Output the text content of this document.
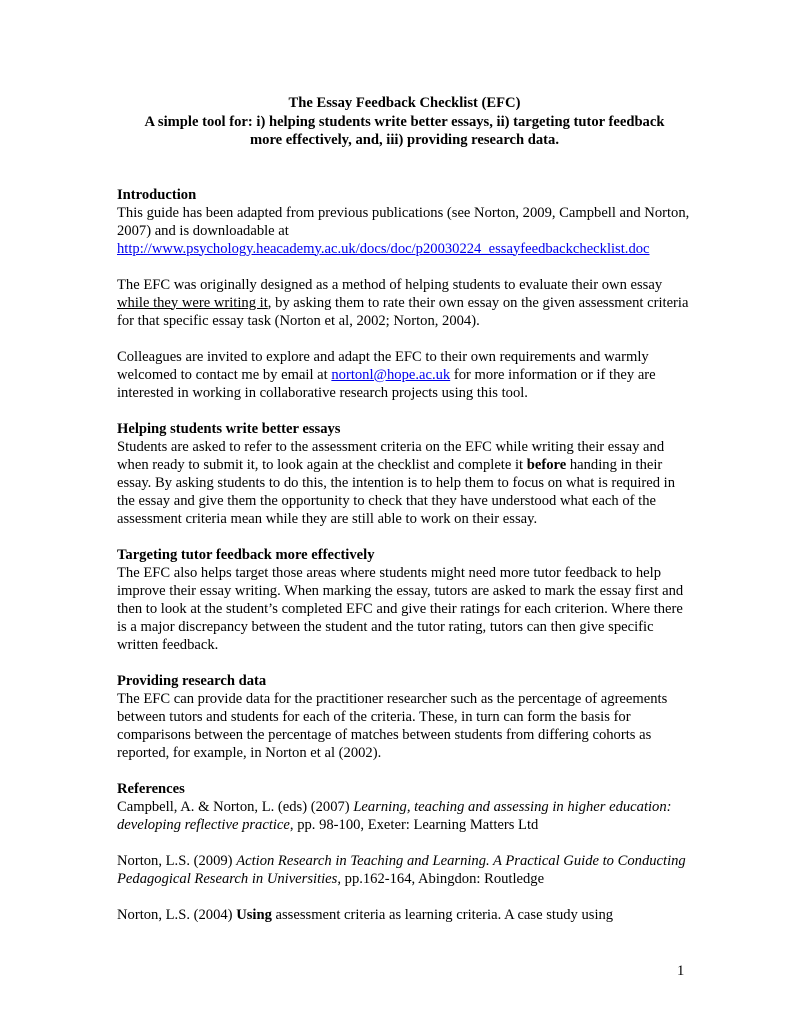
The Essay Feedback Checklist (EFC)
A simple tool for: i) helping students write better essays, ii) targeting tutor feedback
more effectively, and, iii) providing research data.
Introduction

This guide has been adapted from previous publications (see Norton, 2009, Campbell and Norton, 2007) and is downloadable at
http://www.psychology.heacademy.ac.uk/docs/doc/p20030224_essayfeedbackchecklist.doc

The EFC was originally designed as a method of helping students to evaluate their own essay while they were writing it, by asking them to rate their own essay on the given assessment criteria for that specific essay task (Norton et al, 2002; Norton, 2004).

Colleagues are invited to explore and adapt the EFC to their own requirements and warmly welcomed to contact me by email at nortonl@hope.ac.uk for more information or if they are interested in working in collaborative research projects using this tool.

Helping students write better essays

Students are asked to refer to the assessment criteria on the EFC while writing their essay and when ready to submit it, to look again at the checklist and complete it before handing in their essay. By asking students to do this, the intention is to help them to focus on what is required in the essay and give them the opportunity to check that they have understood what each of the assessment criteria mean while they are still able to work on their essay.

Targeting tutor feedback more effectively

The EFC also helps target those areas where students might need more tutor feedback to help improve their essay writing. When marking the essay, tutors are asked to mark the essay first and then to look at the student’s completed EFC and give their ratings for each criterion. Where there is a major discrepancy between the student and the tutor rating, tutors can then give specific written feedback.

Providing research data

The EFC can provide data for the practitioner researcher such as the percentage of agreements between tutors and students for each of the criteria. These, in turn can form the basis for comparisons between the percentage of matches between students from differing cohorts as reported, for example, in Norton et al (2002).

References

Campbell, A. & Norton, L. (eds) (2007) Learning, teaching and assessing in higher education: developing reflective practice, pp. 98-100, Exeter: Learning Matters Ltd

Norton, L.S. (2009) Action Research in Teaching and Learning. A Practical Guide to Conducting Pedagogical Research in Universities, pp.162-164, Abingdon: Routledge

Norton, L.S. (2004) Using assessment criteria as learning criteria. A case study using

1
